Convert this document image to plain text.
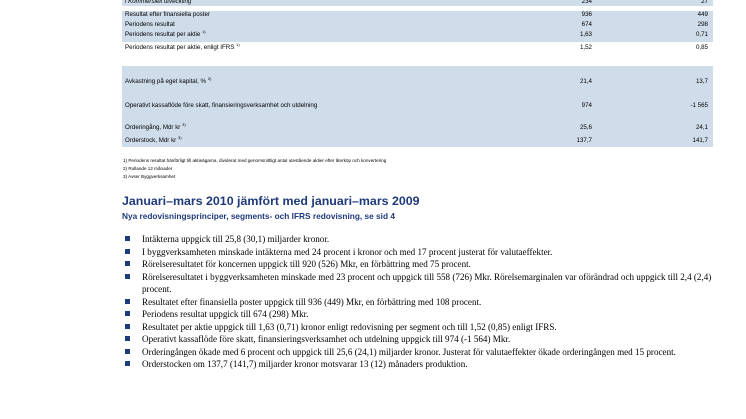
i Kommersiell utveckling	234	27
Resultat efter finansiella poster	936	449
Periodens resultat	674	298
Periodens resultat per aktie $^{1)}$	1,63	0,71
Periodens resultat per aktie, enligt IFRS $^{1)}$	1,52	0,85
Avkastning på eget kapital, % $^{2)}$	21,4	13,7
Operativt kassaflöde före skatt, finansieringsverksamhet och utdelning	974	-1 565
Orderingång, Mdr kr $^{3)}$	25,6	24,1
Orderstock, Mdr kr $^{3)}$	137,7	141,7
1) Periodens resultat hänförligt till aktieägarna, dividerat med genomsnittligt antal utestående aktier efter återköp och konvertering
2) Rullande 12 månader
3) Avser Byggverksamhet
Januari–mars 2010 jämfört med januari–mars 2009
Nya redovisningsprinciper, segments- och IFRS redovisning, se sid 4
Intäkterna uppgick till 25,8 (30,1) miljarder kronor.
I byggverksamheten minskade intäkterna med 24 procent i kronor och med 17 procent justerat för valutaeffekter.
Rörelseresultatet för koncernen uppgick till 920 (526) Mkr, en förbättring med 75 procent.
Rörelseresultatet i byggverksamheten minskade med 23 procent och uppgick till 558 (726) Mkr. Rörelsemarginalen var oförändrad och uppgick till 2,4 (2,4) procent.
Resultatet efter finansiella poster uppgick till 936 (449) Mkr, en förbättring med 108 procent.
Periodens resultat uppgick till 674 (298) Mkr.
Resultatet per aktie uppgick till 1,63 (0,71) kronor enligt redovisning per segment och till 1,52 (0,85) enligt IFRS.
Operativt kassaflöde före skatt, finansieringsverksamhet och utdelning uppgick till 974 (-1 564) Mkr.
Orderingången ökade med 6 procent och uppgick till 25,6 (24,1) miljarder kronor. Justerat för valutaeffekter ökade orderingången med 15 procent.
Orderstocken om 137,7 (141,7) miljarder kronor motsvarar 13 (12) månaders produktion.
